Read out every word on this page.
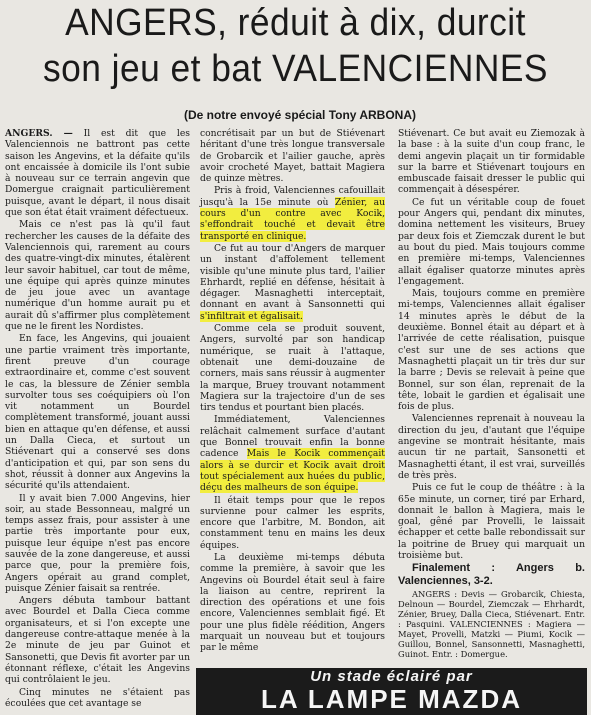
ANGERS, réduit à dix, durcit
son jeu et bat VALENCIENNES
(De notre envoyé spécial Tony ARBONA)

ANGERS. — Il est dit que les Valenciennois ne battront pas cette saison les Angevins, et la défaite qu'ils ont encaissée à domicile ils l'ont subie à nouveau sur ce terrain angevin que Domergue craignait particulièrement puisque, avant le départ, il nous disait que son état était vraiment défectueux.

Mais ce n'est pas là qu'il faut rechercher les causes de la défaite des Valenciennois qui, rarement au cours des quatre-vingt-dix minutes, étalèrent leur savoir habituel, car tout de même, une équipe qui après quinze minutes de jeu joue avec un avantage numérique d'un homme aurait pu et aurait dû s'affirmer plus complètement que ne le firent les Nordistes.

En face, les Angevins, qui jouaient une partie vraiment très importante, firent preuve d'un courage extraordinaire et, comme c'est souvent le cas, la blessure de Zénier sembla survolter tous ses coéquipiers où l'on vit notamment un Bourdel complètement transformé, jouant aussi bien en attaque qu'en défense, et aussi un Dalla Cieca, et surtout un Stiévenart qui a conservé ses dons d'anticipation et qui, par son sens du shot, réussit à donner aux Angevins la sécurité qu'ils attendaient.

Il y avait bien 7.000 Angevins, hier soir, au stade Bessonneau, malgré un temps assez frais, pour assister à une partie très importante pour eux, puisque leur équipe n'est pas encore sauvée de la zone dangereuse, et aussi parce que, pour la première fois, Angers opérait au grand complet, puisque Zénier faisait sa rentrée.

Angers débuta tambour battant avec Bourdel et Dalla Cieca comme organisateurs, et si l'on excepte une dangereuse contre-attaque menée à la 2e minute de jeu par Guinot et Sansonetti, que Devis fit avorter par un étonnant réflexe, c'était les Angevins qui contrôlaient le jeu.

Cinq minutes ne s'étaient pas écoulées que cet avantage se

concrétisait par un but de Stiévenart héritant d'une très longue transversale de Grobarcik et l'ailier gauche, après avoir crocheté Mayet, battait Magiera de quinze mètres.

Pris à froid, Valenciennes cafouillait jusqu'à la 15e minute où Zénier, au cours d'un contre avec Kocik, s'effondrait touché et devait être transporté en clinique.

Ce fut au tour d'Angers de marquer un instant d'affolement tellement visible qu'une minute plus tard, l'ailier Ehrhardt, replié en défense, hésitait à dégager. Masnaghetti interceptait, donnant en avant à Sansonnetti qui s'infiltrait et égalisait.

Comme cela se produit souvent, Angers, survolté par son handicap numérique, se ruait à l'attaque, obtenait une demi-douzaine de corners, mais sans réussir à augmenter la marque, Bruey trouvant notamment Magiera sur la trajectoire d'un de ses tirs tendus et pourtant bien placés.

Immédiatement, Valenciennes relâchait calmement surface d'autant que Bonnel trouvait enfin la bonne cadence Mais le Kocik commençait alors à se durcir et Kocik avait droit tout spécialement aux huées du public, déçu des malheurs de son équipe.

Il était temps pour que le repos survienne pour calmer les esprits, encore que l'arbitre, M. Bondon, ait constamment tenu en mains les deux équipes.

La deuxième mi-temps débuta comme la première, à savoir que les Angevins où Bourdel était seul à faire la liaison au centre, reprirent la direction des opérations et une fois encore, Valenciennes semblait figé. Et pour une plus fidèle réédition, Angers marquait un nouveau but et toujours par le même

Stiévenart. Ce but avait eu Ziemozak à la base : à la suite d'un coup franc, le demi angevin plaçait un tir formidable sur la barre et Stiévenart toujours en embuscade faisait dresser le public qui commençait à désespérer.

Ce fut un véritable coup de fouet pour Angers qui, pendant dix minutes, domina nettement les visiteurs, Bruey par deux fois et Ziemczak durent le but au bout du pied. Mais toujours comme en première mi-temps, Valenciennes allait égaliser quatorze minutes après l'engagement.

Mais, toujours comme en première mi-temps, Valenciennes allait égaliser 14 minutes après le début de la deuxième. Bonnel était au départ et à l'arrivée de cette réalisation, puisque c'est sur une de ses actions que Masnaghetti plaçait un tir très dur sur la barre ; Devis se relevait à peine que Bonnel, sur son élan, reprenait de la tête, lobait le gardien et égalisait une fois de plus.

Valenciennes reprenait à nouveau la direction du jeu, d'autant que l'équipe angevine se montrait hésitante, mais aucun tir ne partait, Sansonetti et Masnaghetti étant, il est vrai, surveillés de très près.

Puis ce fut le coup de théâtre : à la 65e minute, un corner, tiré par Erhard, donnait le ballon à Magiera, mais le goal, gêné par Provelli, le laissait échapper et cette balle rebondissait sur la poitrine de Bruey qui marquait un troisième but.

Finalement : Angers b. Valenciennes, 3-2.

ANGERS : Devis — Grobarcik, Chiesta, Delnoun — Bourdel, Ziemczak — Ehrhardt, Zénier, Bruey, Dalla Cieca, Stiévenart. Entr. : Pasquini. VALENCIENNES : Magiera — Mayet, Provelli, Matzki — Piumi, Kocik — Guillou, Bonnel, Sansonnetti, Masnaghetti, Guinot. Entr. : Domergue.

Un stade éclairé par
LA LAMPE MAZDA
